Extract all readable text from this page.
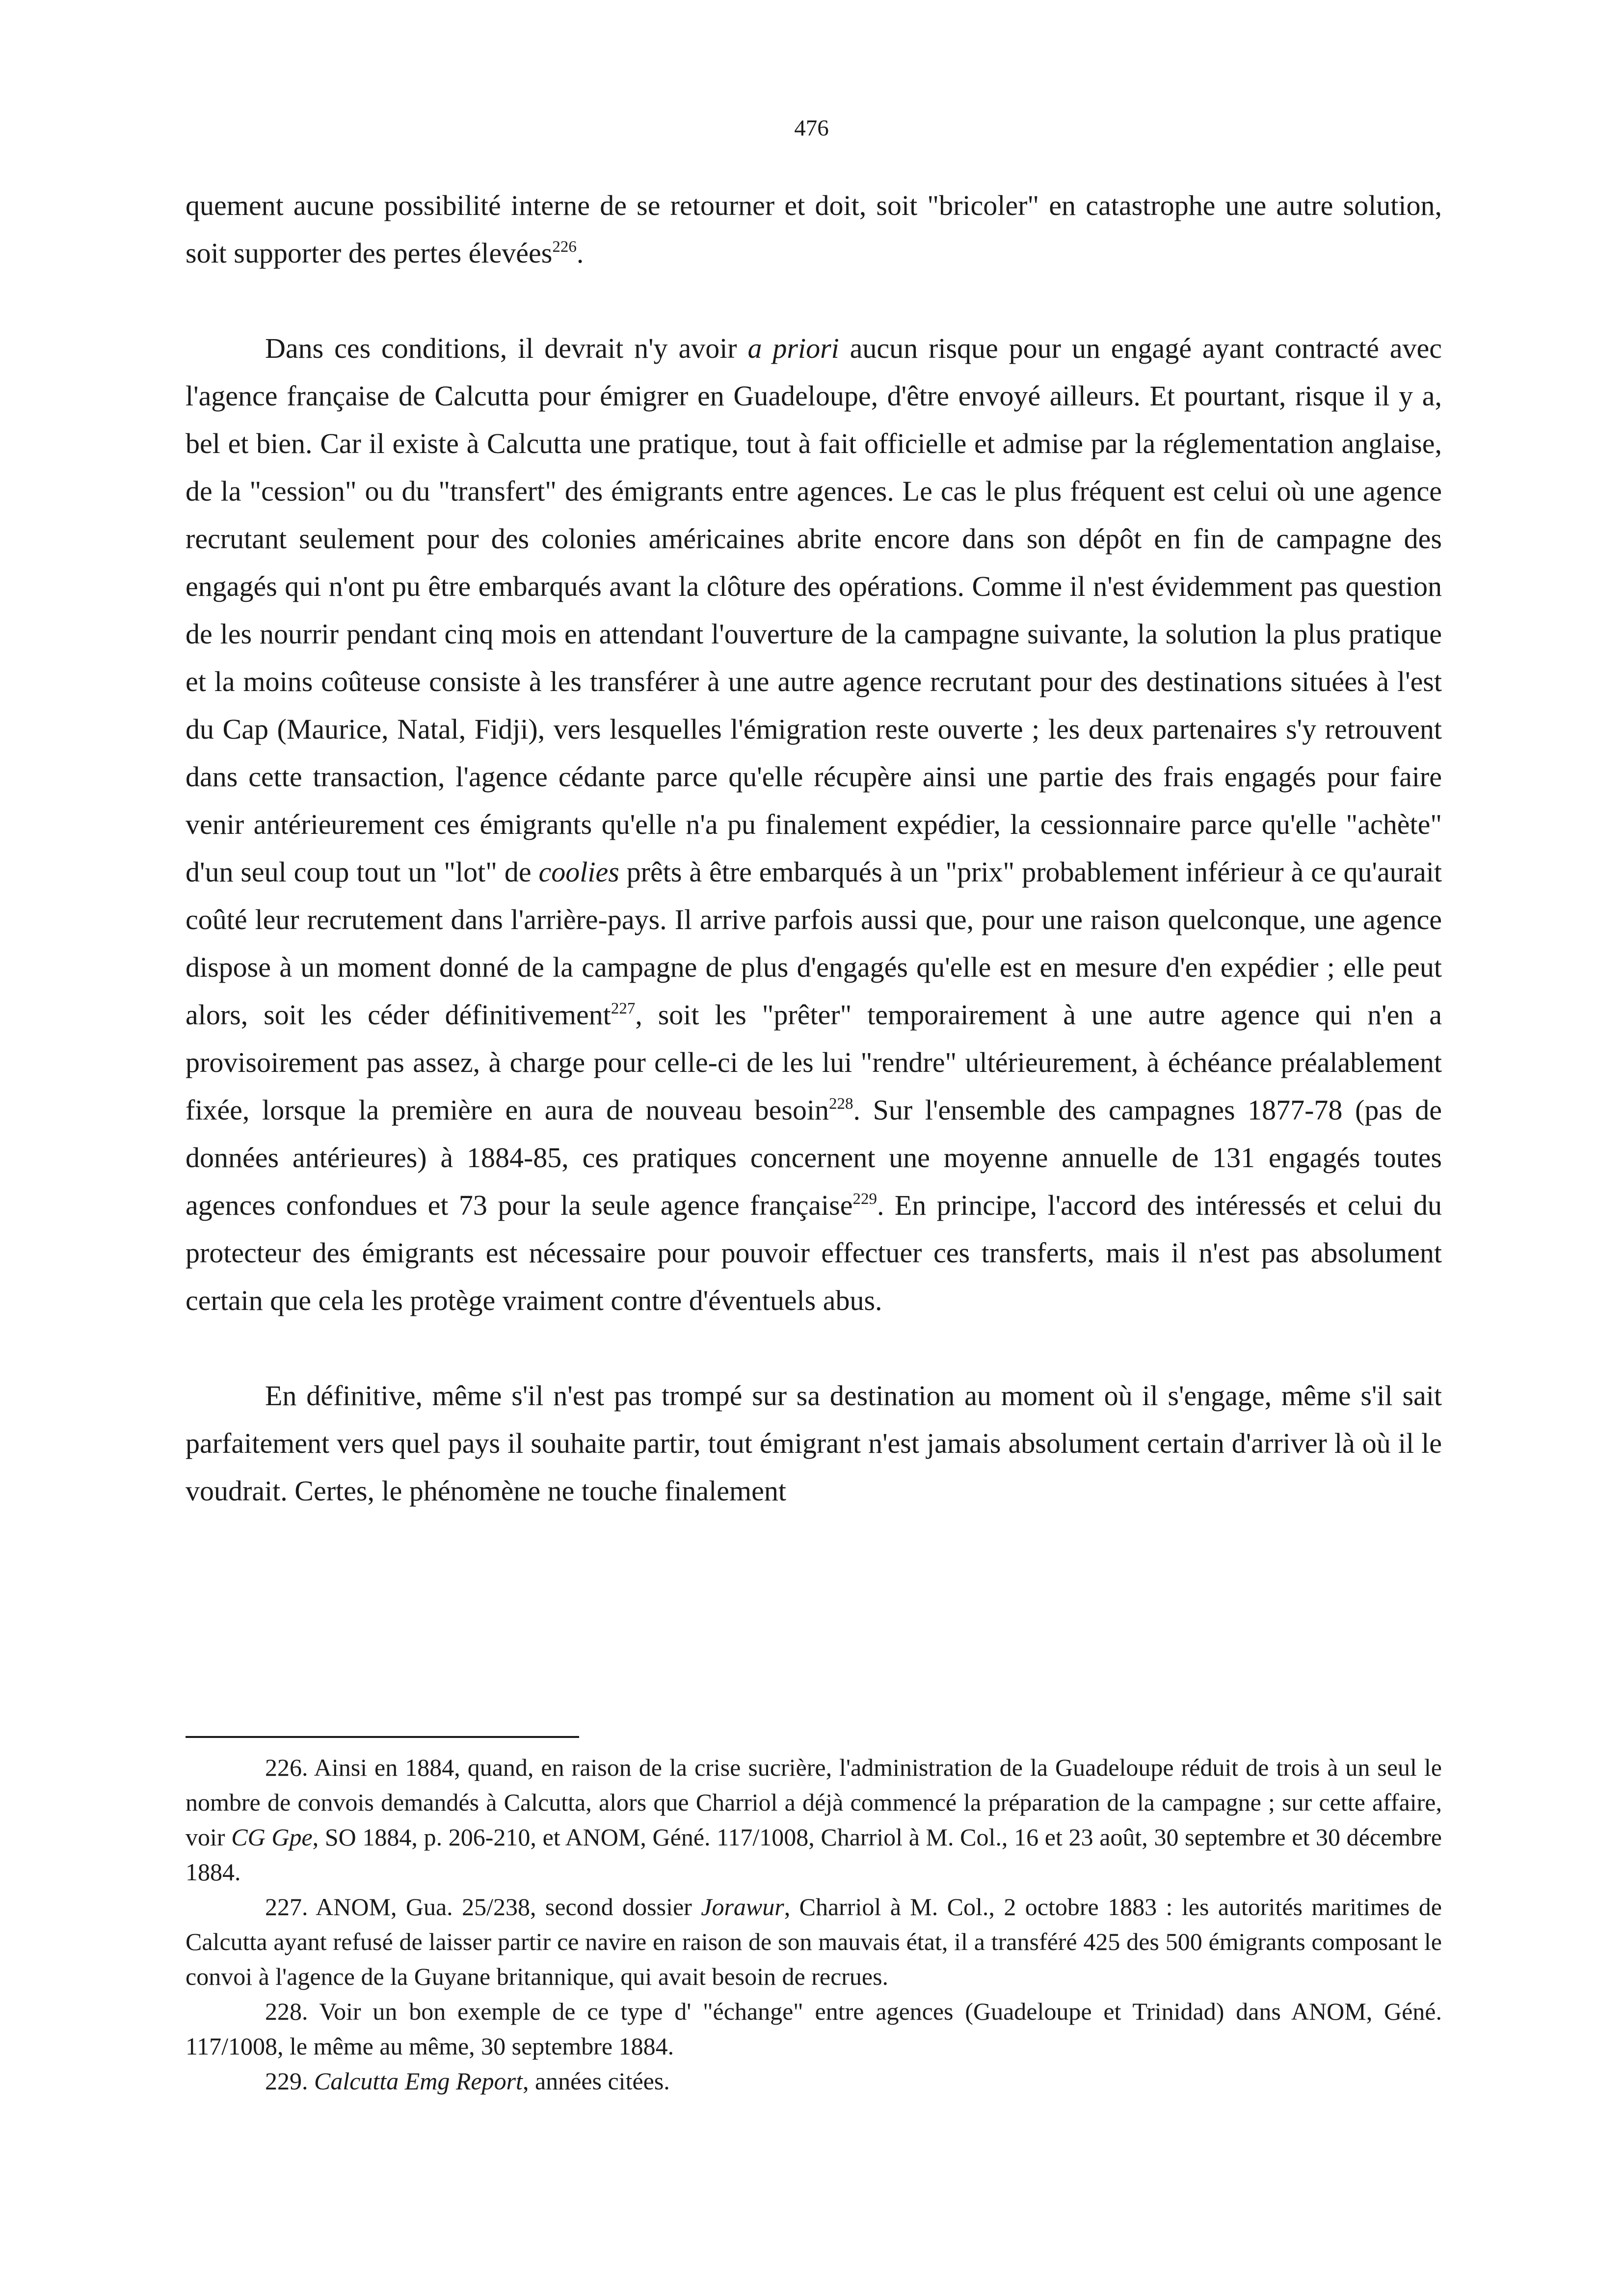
476

quement aucune possibilité interne de se retourner et doit, soit "bricoler" en catastrophe une autre solution, soit supporter des pertes élevées$^{226}$.

Dans ces conditions, il devrait n'y avoir a priori aucun risque pour un engagé ayant contracté avec l'agence française de Calcutta pour émigrer en Guadeloupe, d'être envoyé ailleurs. Et pourtant, risque il y a, bel et bien. Car il existe à Calcutta une pratique, tout à fait officielle et admise par la réglementation anglaise, de la "cession" ou du "transfert" des émigrants entre agences. Le cas le plus fréquent est celui où une agence recrutant seulement pour des colonies américaines abrite encore dans son dépôt en fin de campagne des engagés qui n'ont pu être embarqués avant la clôture des opérations. Comme il n'est évidemment pas question de les nourrir pendant cinq mois en attendant l'ouverture de la campagne suivante, la solution la plus pratique et la moins coûteuse consiste à les transférer à une autre agence recrutant pour des destinations situées à l'est du Cap (Maurice, Natal, Fidji), vers lesquelles l'émigration reste ouverte ; les deux partenaires s'y retrouvent dans cette transaction, l'agence cédante parce qu'elle récupère ainsi une partie des frais engagés pour faire venir antérieurement ces émigrants qu'elle n'a pu finalement expédier, la cessionnaire parce qu'elle "achète" d'un seul coup tout un "lot" de coolies prêts à être embarqués à un "prix" probablement inférieur à ce qu'aurait coûté leur recrutement dans l'arrière-pays. Il arrive parfois aussi que, pour une raison quelconque, une agence dispose à un moment donné de la campagne de plus d'engagés qu'elle est en mesure d'en expédier ; elle peut alors, soit les céder définitivement$^{227}$, soit les "prêter" temporairement à une autre agence qui n'en a provisoirement pas assez, à charge pour celle-ci de les lui "rendre" ultérieurement, à échéance préalablement fixée, lorsque la première en aura de nouveau besoin$^{228}$. Sur l'ensemble des campagnes 1877-78 (pas de données antérieures) à 1884-85, ces pratiques concernent une moyenne annuelle de 131 engagés toutes agences confondues et 73 pour la seule agence française$^{229}$. En principe, l'accord des intéressés et celui du protecteur des émigrants est nécessaire pour pouvoir effectuer ces transferts, mais il n'est pas absolument certain que cela les protège vraiment contre d'éventuels abus.

En définitive, même s'il n'est pas trompé sur sa destination au moment où il s'engage, même s'il sait parfaitement vers quel pays il souhaite partir, tout émigrant n'est jamais absolument certain d'arriver là où il le voudrait. Certes, le phénomène ne touche finalement

226. Ainsi en 1884, quand, en raison de la crise sucrière, l'administration de la Guadeloupe réduit de trois à un seul le nombre de convois demandés à Calcutta, alors que Charriol a déjà commencé la préparation de la campagne ; sur cette affaire, voir CG Gpe, SO 1884, p. 206-210, et ANOM, Géné. 117/1008, Charriol à M. Col., 16 et 23 août, 30 septembre et 30 décembre 1884.

227. ANOM, Gua. 25/238, second dossier Jorawur, Charriol à M. Col., 2 octobre 1883 : les autorités maritimes de Calcutta ayant refusé de laisser partir ce navire en raison de son mauvais état, il a transféré 425 des 500 émigrants composant le convoi à l'agence de la Guyane britannique, qui avait besoin de recrues.

228. Voir un bon exemple de ce type d' "échange" entre agences (Guadeloupe et Trinidad) dans ANOM, Géné. 117/1008, le même au même, 30 septembre 1884.

229. Calcutta Emg Report, années citées.
